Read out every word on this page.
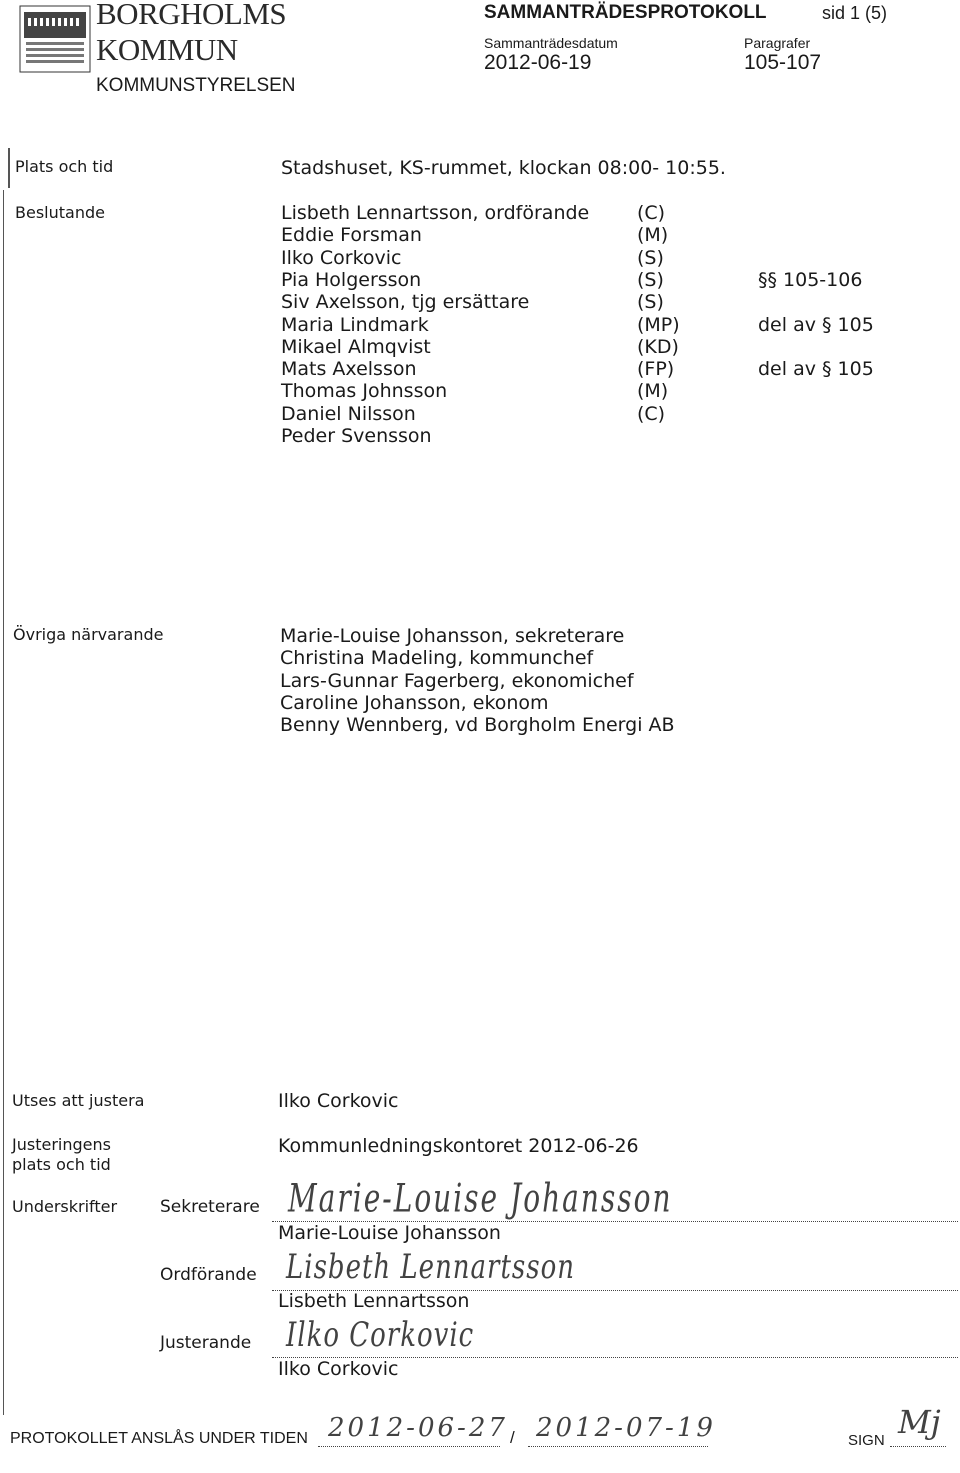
BORGHOLMS
KOMMUN
KOMMUNSTYRELSEN
SAMMANTRÄDESPROTOKOLL	sid 1 (5)
Sammanträdesdatum
2012-06-19
Paragrafer
105-107
Plats och tid	Stadshuset, KS-rummet, klockan 08:00- 10:55.
Beslutande	Lisbeth Lennartsson, ordförande	(C)
Eddie Forsman	(M)
Ilko Corkovic	(S)
Pia Holgersson	(S)	§§ 105-106
Siv Axelsson, tjg ersättare	(S)
Maria Lindmark	(MP)	del av § 105
Mikael Almqvist	(KD)
Mats Axelsson	(FP)	del av § 105
Thomas Johnsson	(M)
Daniel Nilsson	(C)
Peder Svensson
Övriga närvarande	Marie-Louise Johansson, sekreterare
Christina Madeling, kommunchef
Lars-Gunnar Fagerberg, ekonomichef
Caroline Johansson, ekonom
Benny Wennberg, vd Borgholm Energi AB
Utses att justera	Ilko Corkovic
Justeringens
plats och tid
Kommunledningskontoret 2012-06-26
Underskrifter	Sekreterare Marie-Louise Johansson
Marie-Louise Johansson
Ordförande Lisbeth Lennartsson
Lisbeth Lennartsson
Justerande Ilko Corkovic
Ilko Corkovic
PROTOKOLLET ANSLÅS UNDER TIDEN 2012-06-27 / 2012-07-19	SIGN Mj
